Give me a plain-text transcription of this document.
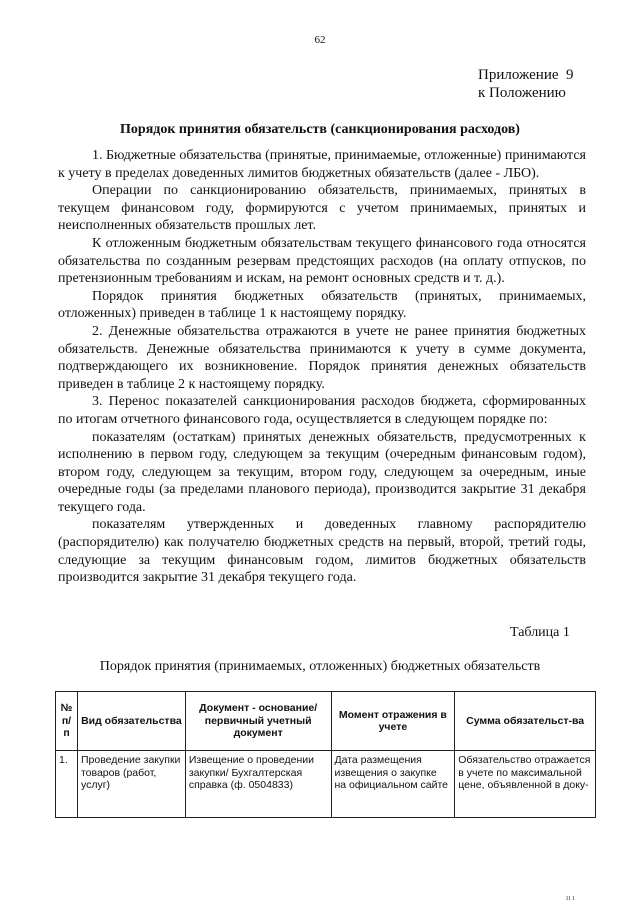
62
Приложение  9
к Положению
Порядок принятия обязательств (санкционирования расходов)

1. Бюджетные обязательства (принятые, принимаемые, отложенные) принимаются к учету в пределах доведенных лимитов бюджетных обязательств (далее - ЛБО).

Операции по санкционированию обязательств, принимаемых, принятых в текущем финансовом году, формируются с учетом принимаемых, принятых и неисполненных обязательств прошлых лет.

К отложенным бюджетным обязательствам текущего финансового года относятся обязательства по созданным резервам предстоящих расходов (на оплату отпусков, по претензионным требованиям и искам, на ремонт основных средств и т. д.).

Порядок принятия бюджетных обязательств (принятых, принимаемых, отложенных) приведен в таблице 1 к настоящему порядку.

2. Денежные обязательства отражаются в учете не ранее принятия бюджетных обязательств. Денежные обязательства принимаются к учету в сумме документа, подтверждающего их возникновение. Порядок принятия денежных обязательств приведен в таблице 2 к настоящему порядку.

3. Перенос показателей санкционирования расходов бюджета, сформированных по итогам отчетного финансового года, осуществляется в следующем порядке по:

показателям (остаткам) принятых денежных обязательств, предусмотренных к исполнению в первом году, следующем за текущим (очередным финансовым годом), втором году, следующем за текущим, втором году, следующем за очередным, иные очередные годы (за пределами планового периода), производится закрытие 31 декабря текущего года.

показателям утвержденных и доведенных главному распорядителю (распорядителю) как получателю бюджетных средств на первый, второй, третий годы, следующие за текущим финансовым годом, лимитов бюджетных обязательств производится закрытие 31 декабря текущего года.

Таблица 1
Порядок принятия (принимаемых, отложенных) бюджетных обязательств
№ п/п	Вид обязательства	Документ - основание/первичный учетный документ	Момент отражения в учете	Сумма обязательст-ва
1.	Проведение закупки товаров (работ, услуг)	Извещение о проведении закупки/ Бухгалтерская справка (ф. 0504833)	Дата размещения извещения о закупке на официальном сайте	Обязательство отражается в учете по максимальной цене, объявленной в доку-
ıı ı
